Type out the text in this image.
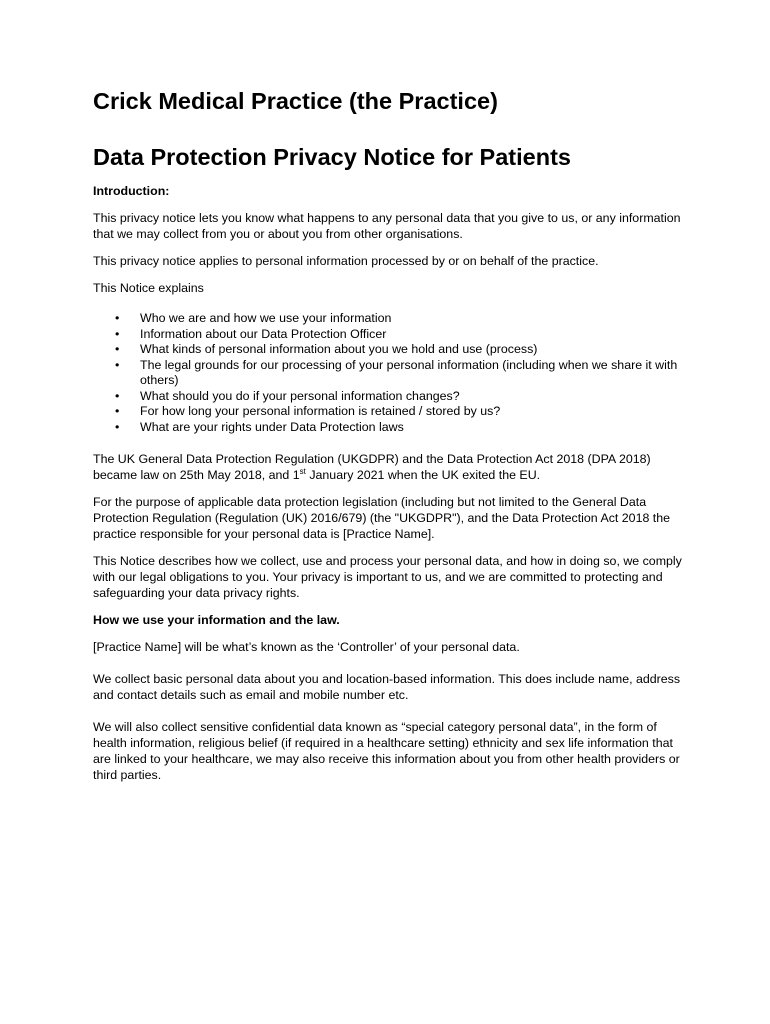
Crick Medical Practice (the Practice)
Data Protection Privacy Notice for Patients

Introduction:

This privacy notice lets you know what happens to any personal data that you give to us, or any information that we may collect from you or about you from other organisations.

This privacy notice applies to personal information processed by or on behalf of the practice.

This Notice explains

•	Who we are and how we use your information
•	Information about our Data Protection Officer
•	What kinds of personal information about you we hold and use (process)
•	The legal grounds for our processing of your personal information (including when we share it with others)
•	What should you do if your personal information changes?
•	For how long your personal information is retained / stored by us?
•	What are your rights under Data Protection laws

The UK General Data Protection Regulation (UKGDPR) and the Data Protection Act 2018 (DPA 2018) became law on 25th May 2018, and 1st January 2021 when the UK exited the EU.

For the purpose of applicable data protection legislation (including but not limited to the General Data Protection Regulation (Regulation (UK) 2016/679) (the "UKGDPR"), and the Data Protection Act 2018 the practice responsible for your personal data is [Practice Name].

This Notice describes how we collect, use and process your personal data, and how in doing so, we comply with our legal obligations to you. Your privacy is important to us, and we are committed to protecting and safeguarding your data privacy rights.

How we use your information and the law.

[Practice Name] will be what’s known as the ‘Controller’ of your personal data.

We collect basic personal data about you and location-based information. This does include name, address and contact details such as email and mobile number etc.

We will also collect sensitive confidential data known as “special category personal data”, in the form of health information, religious belief (if required in a healthcare setting) ethnicity and sex life information that are linked to your healthcare, we may also receive this information about you from other health providers or third parties.
